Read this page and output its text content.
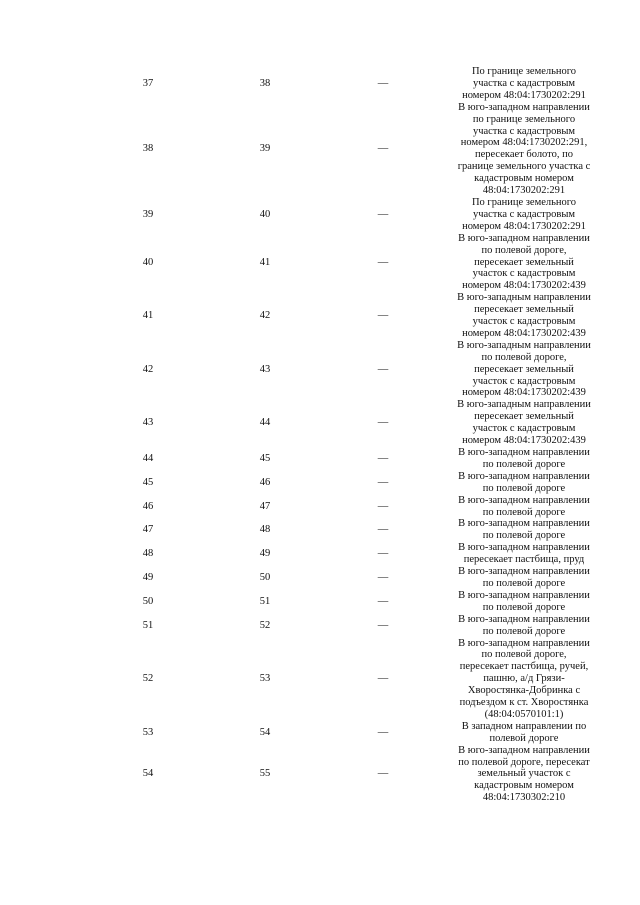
37	38	—
По границе земельного
участка с кадастровым
номером 48:04:1730202:291
38	39	—
В юго-западном направлении
по границе земельного
участка с кадастровым
номером 48:04:1730202:291,
пересекает болото, по
границе земельного участка с
кадастровым номером
48:04:1730202:291
39	40	—
По границе земельного
участка с кадастровым
номером 48:04:1730202:291
40	41	—
В юго-западном направлении
по полевой дороге,
пересекает земельный
участок с кадастровым
номером 48:04:1730202:439
41	42	—
В юго-западным направлении
пересекает земельный
участок с кадастровым
номером 48:04:1730202:439
42	43	—
В юго-западным направлении
по полевой дороге,
пересекает земельный
участок с кадастровым
номером 48:04:1730202:439
43	44	—
В юго-западным направлении
пересекает земельный
участок с кадастровым
номером 48:04:1730202:439
44	45	—
В юго-западном направлении
по полевой дороге
45	46	—
В юго-западном направлении
по полевой дороге
46	47	—
В юго-западном направлении
по полевой дороге
47	48	—
В юго-западном направлении
по полевой дороге
48	49	—
В юго-западном направлении
пересекает пастбища, пруд
49	50	—
В юго-западном направлении
по полевой дороге
50	51	—
В юго-западном направлении
по полевой дороге
51	52	—
В юго-западном направлении
по полевой дороге
52	53	—
В юго-западном направлении
по полевой дороге,
пересекает пастбища, ручей,
пашню, а/д Грязи-
Хворостянка-Добринка с
подъездом к ст. Хворостянка
(48:04:0570101:1)
53	54	—
В западном направлении по
полевой дороге
54	55	—
В юго-западном направлении
по полевой дороге, пересекат
земельный участок с
кадастровым номером
48:04:1730302:210
